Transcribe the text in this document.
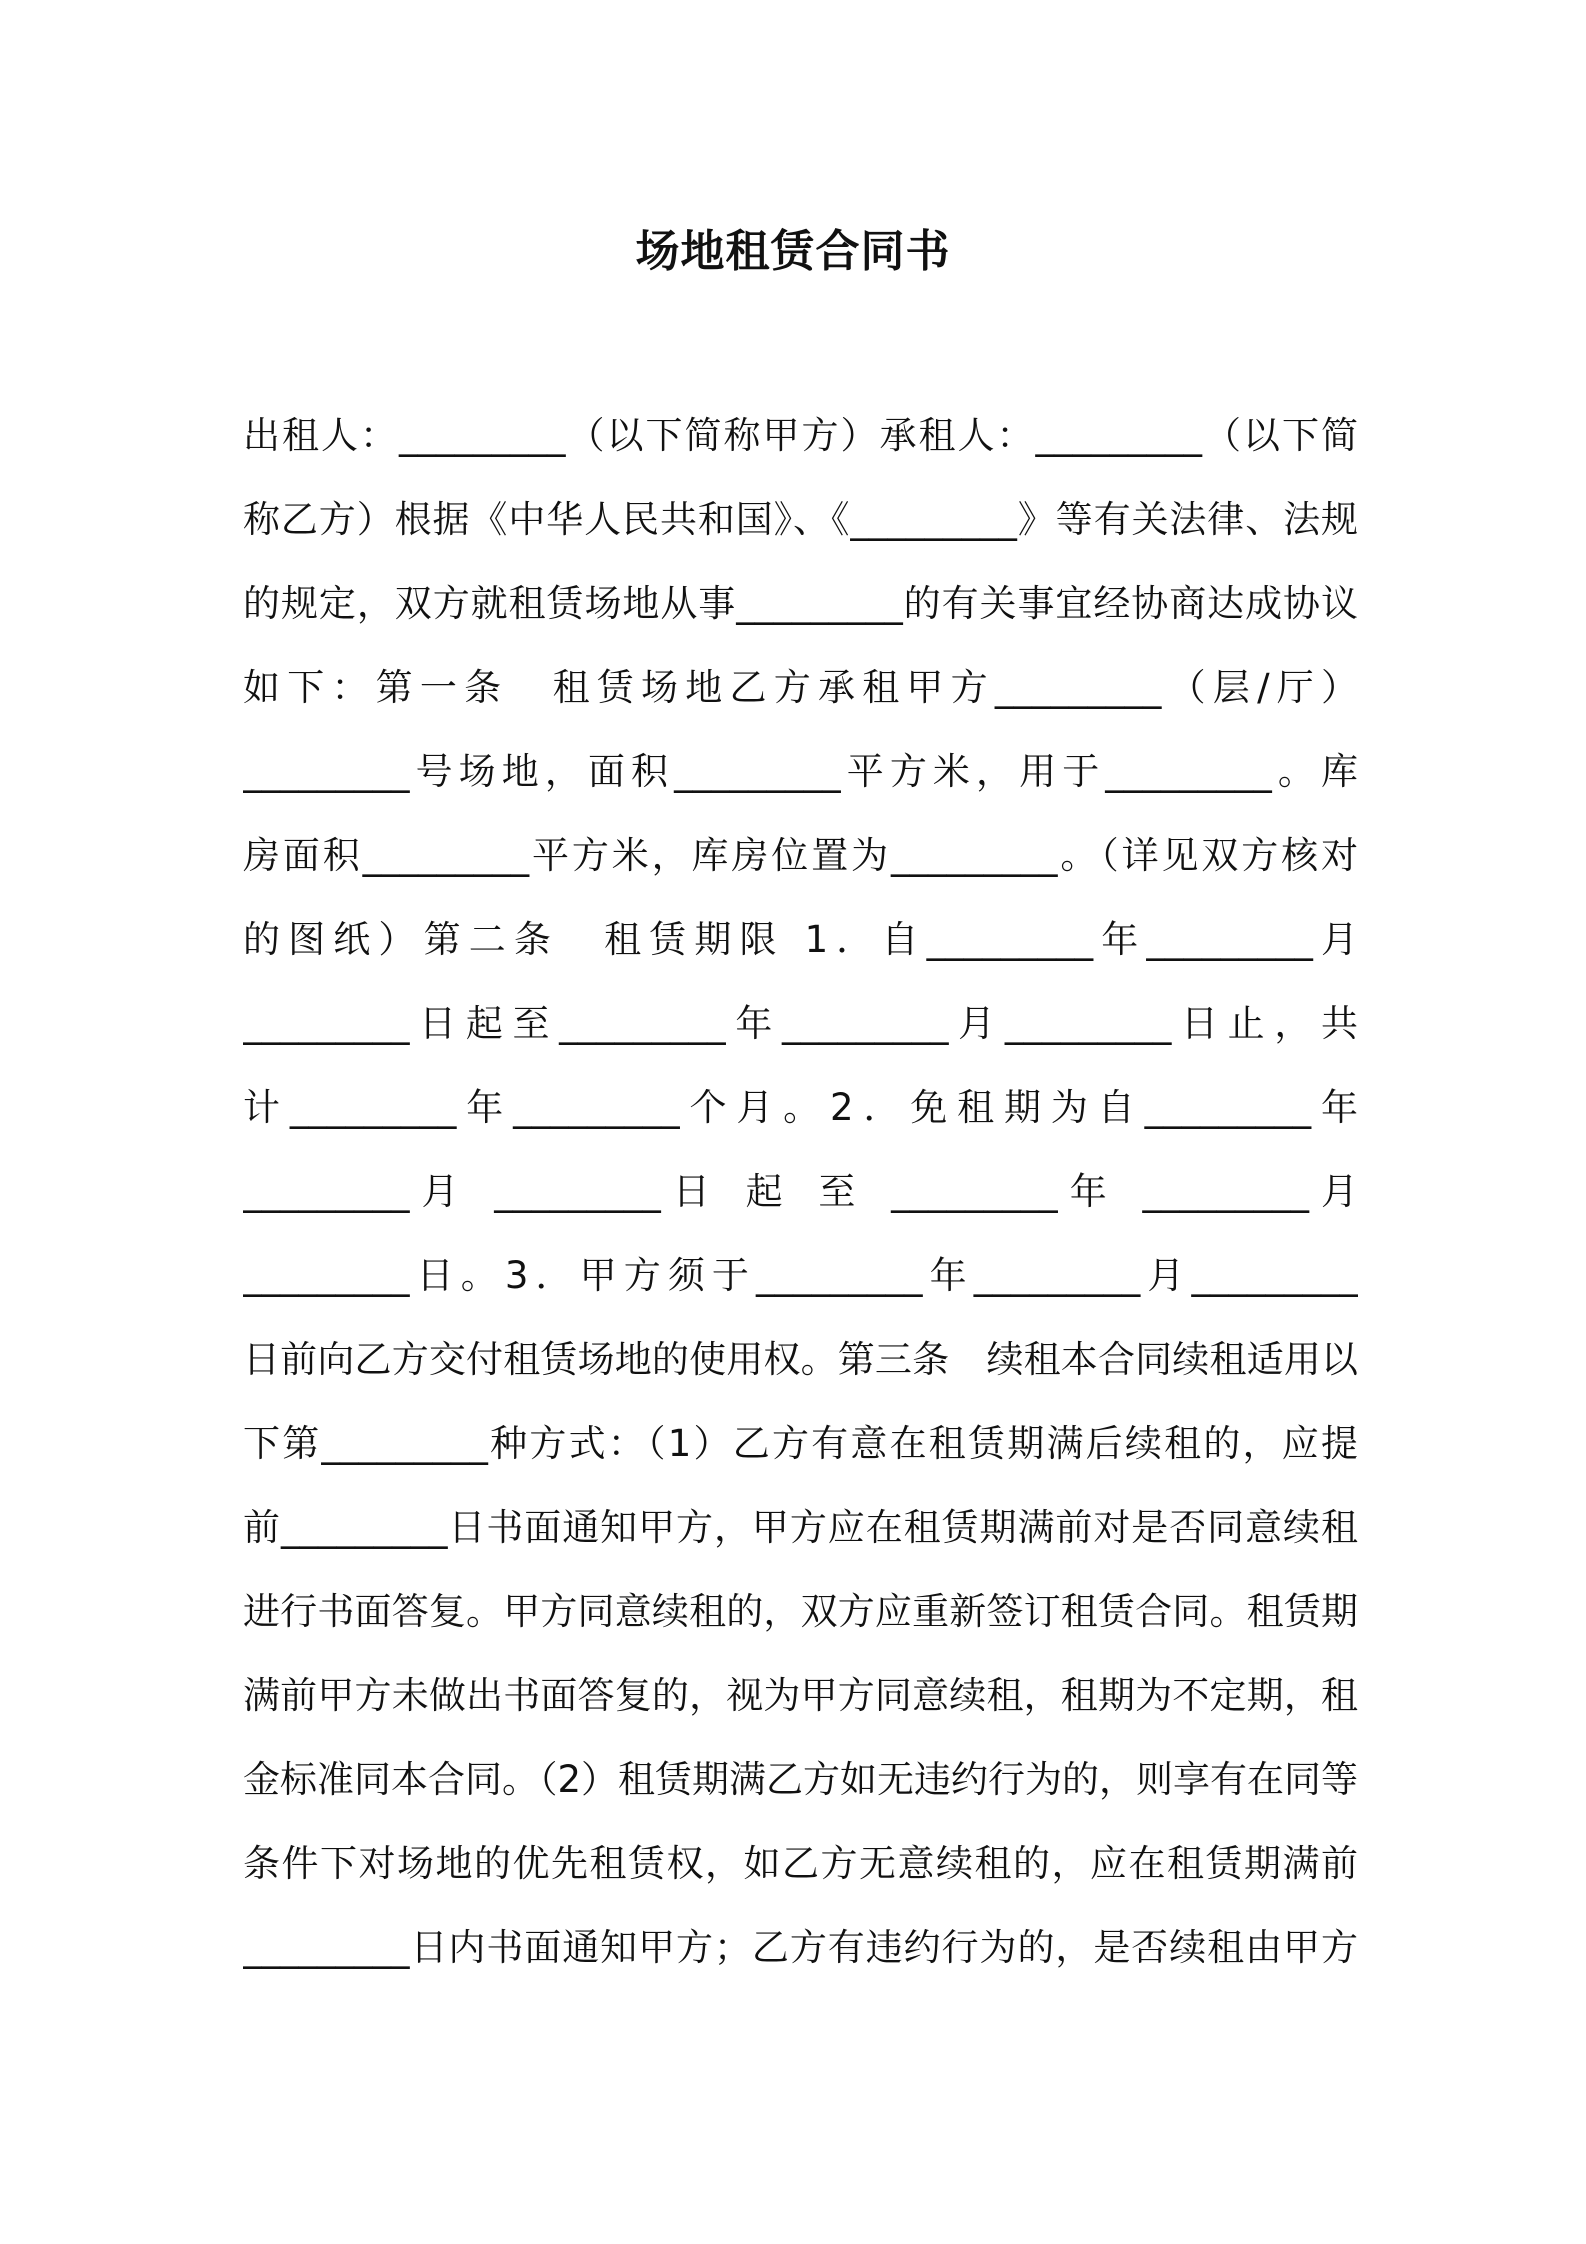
场地租赁合同书
出租人：_________（以下简称甲方）承租人：_________（以下简
称乙方）根据《中华人民共和国》、《_________》等有关法律、法规
的规定，双方就租赁场地从事_________的有关事宜经协商达成协议
如下：第一条　租赁场地乙方承租甲方_________（层/厅）
_________号场地，面积_________平方米，用于_________。库
房面积_________平方米，库房位置为_________。（详见双方核对
的图纸）第二条　租赁期限 1．自_________年_________月
_________日起至_________年_________月_________日止，共
计_________年_________个月。2．免租期为自_________年
_________月 _________日 起 至 _________年 _________月
_________日。3．甲方须于_________年_________月_________
日前向乙方交付租赁场地的使用权。第三条　续租本合同续租适用以
下第_________种方式：（1）乙方有意在租赁期满后续租的，应提
前_________日书面通知甲方，甲方应在租赁期满前对是否同意续租
进行书面答复。甲方同意续租的，双方应重新签订租赁合同。租赁期
满前甲方未做出书面答复的，视为甲方同意续租，租期为不定期，租
金标准同本合同。（2）租赁期满乙方如无违约行为的，则享有在同等
条件下对场地的优先租赁权，如乙方无意续租的，应在租赁期满前
_________日内书面通知甲方；乙方有违约行为的，是否续租由甲方
